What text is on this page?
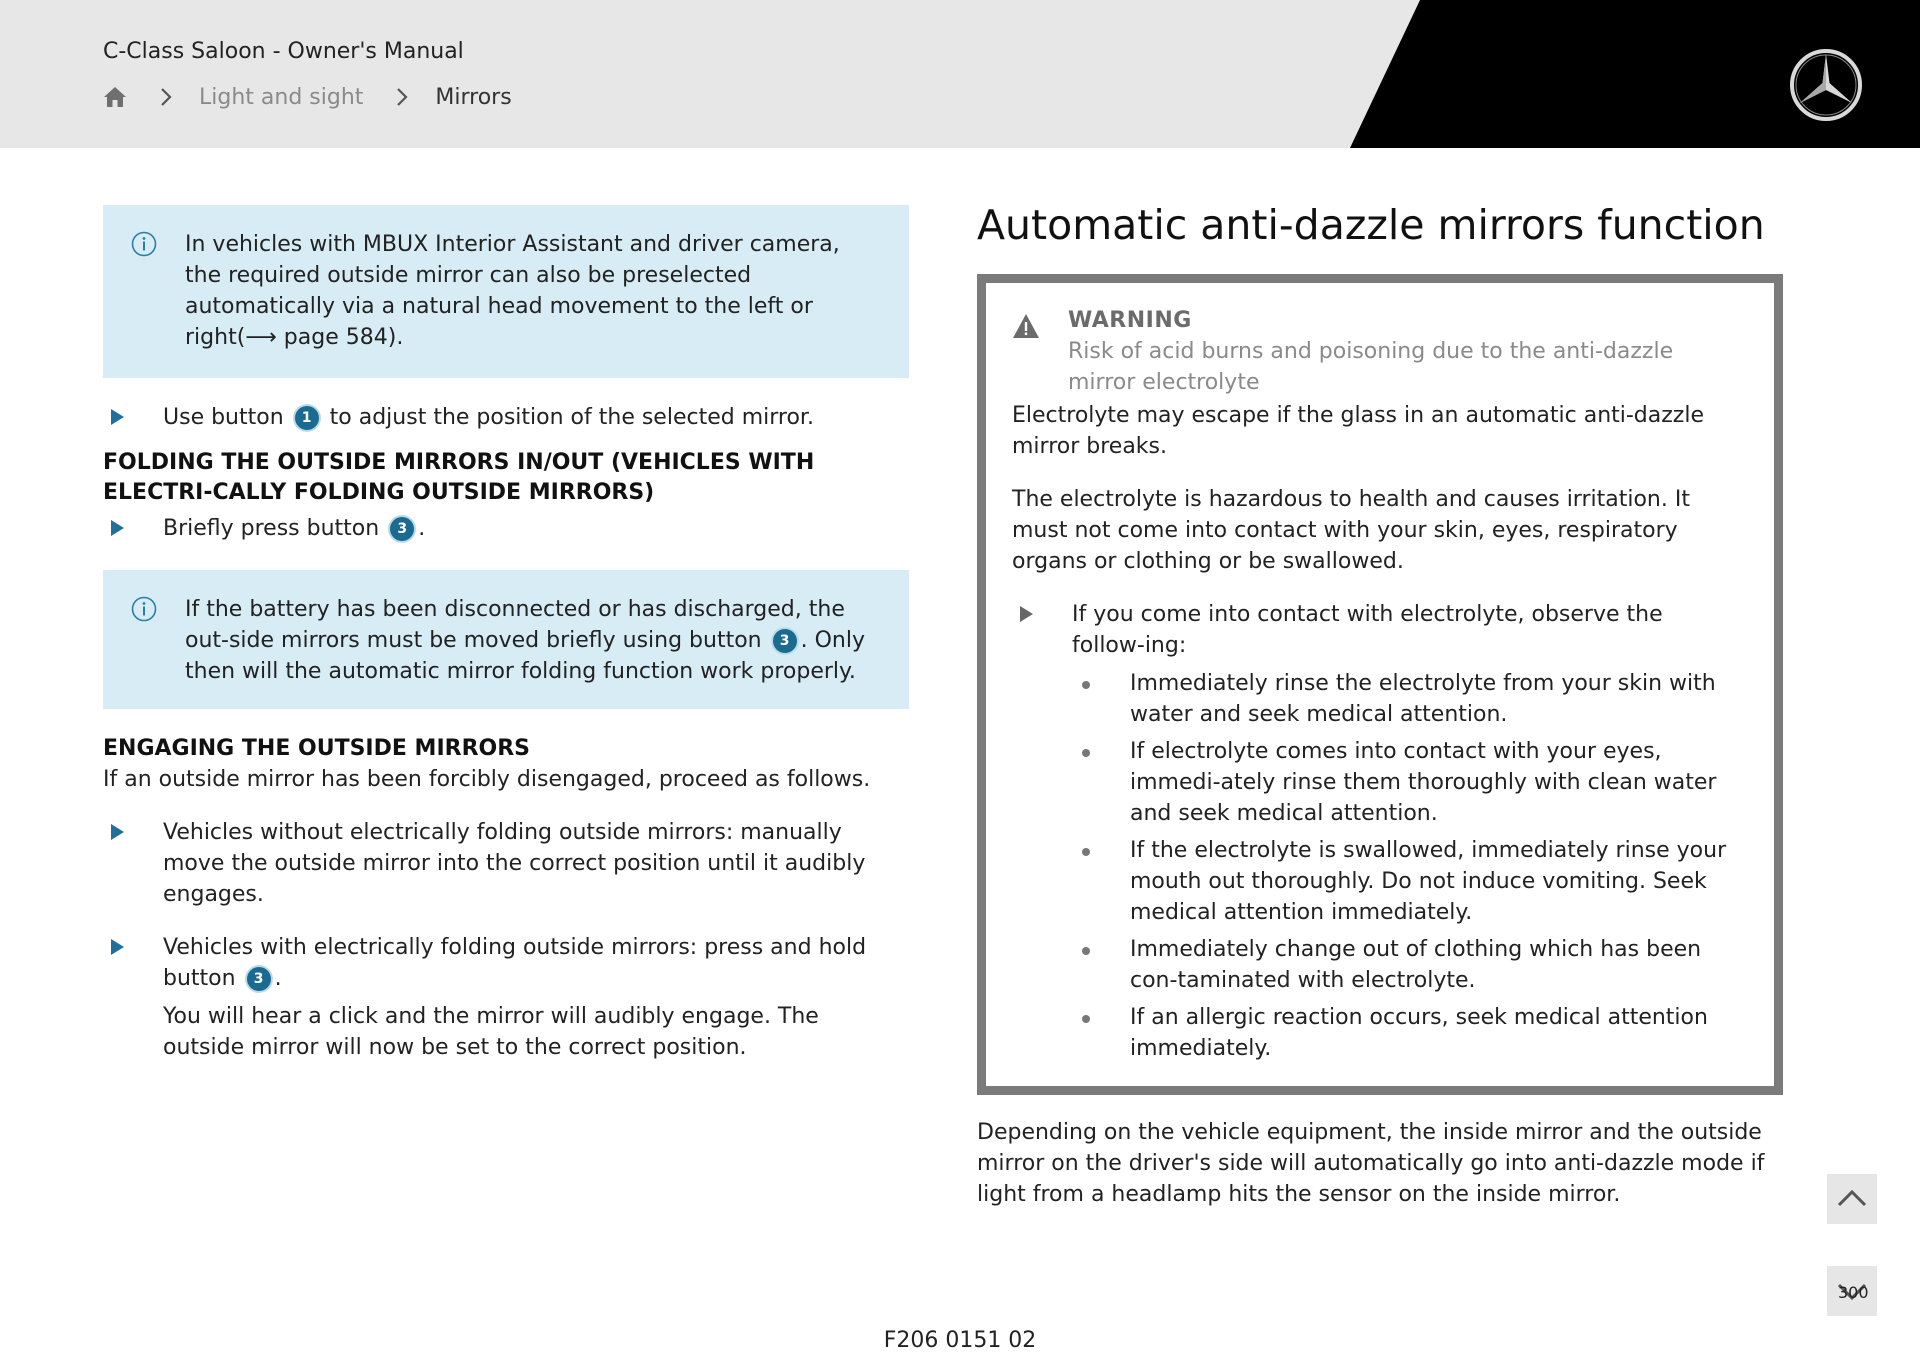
C-Class Saloon - Owner's Manual
Light and sight	Mirrors
In vehicles with MBUX Interior Assistant and driver camera, the required outside mirror can also be preselected automatically via a natural head movement to the left or right(⟶ page 584).
Use button 1 to adjust the position of the selected mirror.
FOLDING THE OUTSIDE MIRRORS IN/OUT (VEHICLES WITH ELECTRI-CALLY FOLDING OUTSIDE MIRRORS)
Briefly press button 3 .
If the battery has been disconnected or has discharged, the out-side mirrors must be moved briefly using button 3 . Only then will the automatic mirror folding function work properly.
ENGAGING THE OUTSIDE MIRRORS
If an outside mirror has been forcibly disengaged, proceed as follows.
Vehicles without electrically folding outside mirrors: manually move the outside mirror into the correct position until it audibly engages.
Vehicles with electrically folding outside mirrors: press and hold button 3 .
You will hear a click and the mirror will audibly engage. The outside mirror will now be set to the correct position.
Automatic anti-dazzle mirrors function
WARNING
Risk of acid burns and poisoning due to the anti-dazzle mirror electrolyte
Electrolyte may escape if the glass in an automatic anti-dazzle mirror breaks.
The electrolyte is hazardous to health and causes irritation. It must not come into contact with your skin, eyes, respiratory organs or clothing or be swallowed.
If you come into contact with electrolyte, observe the follow-ing:
Immediately rinse the electrolyte from your skin with water and seek medical attention.
If electrolyte comes into contact with your eyes, immedi-ately rinse them thoroughly with clean water and seek medical attention.
If the electrolyte is swallowed, immediately rinse your mouth out thoroughly. Do not induce vomiting. Seek medical attention immediately.
Immediately change out of clothing which has been con-taminated with electrolyte.
If an allergic reaction occurs, seek medical attention immediately.
Depending on the vehicle equipment, the inside mirror and the outside mirror on the driver's side will automatically go into anti-dazzle mode if light from a headlamp hits the sensor on the inside mirror.
300
F206 0151 02
